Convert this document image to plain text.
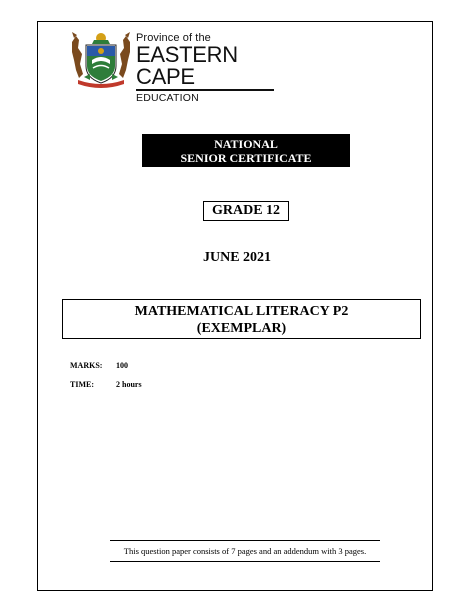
Province of the
EASTERN CAPE
EDUCATION
NATIONAL
SENIOR CERTIFICATE
GRADE 12
JUNE 2021
MATHEMATICAL LITERACY P2
(EXEMPLAR)
MARKS: 100
TIME:	2 hours
This question paper consists of 7 pages and an addendum with 3 pages.
